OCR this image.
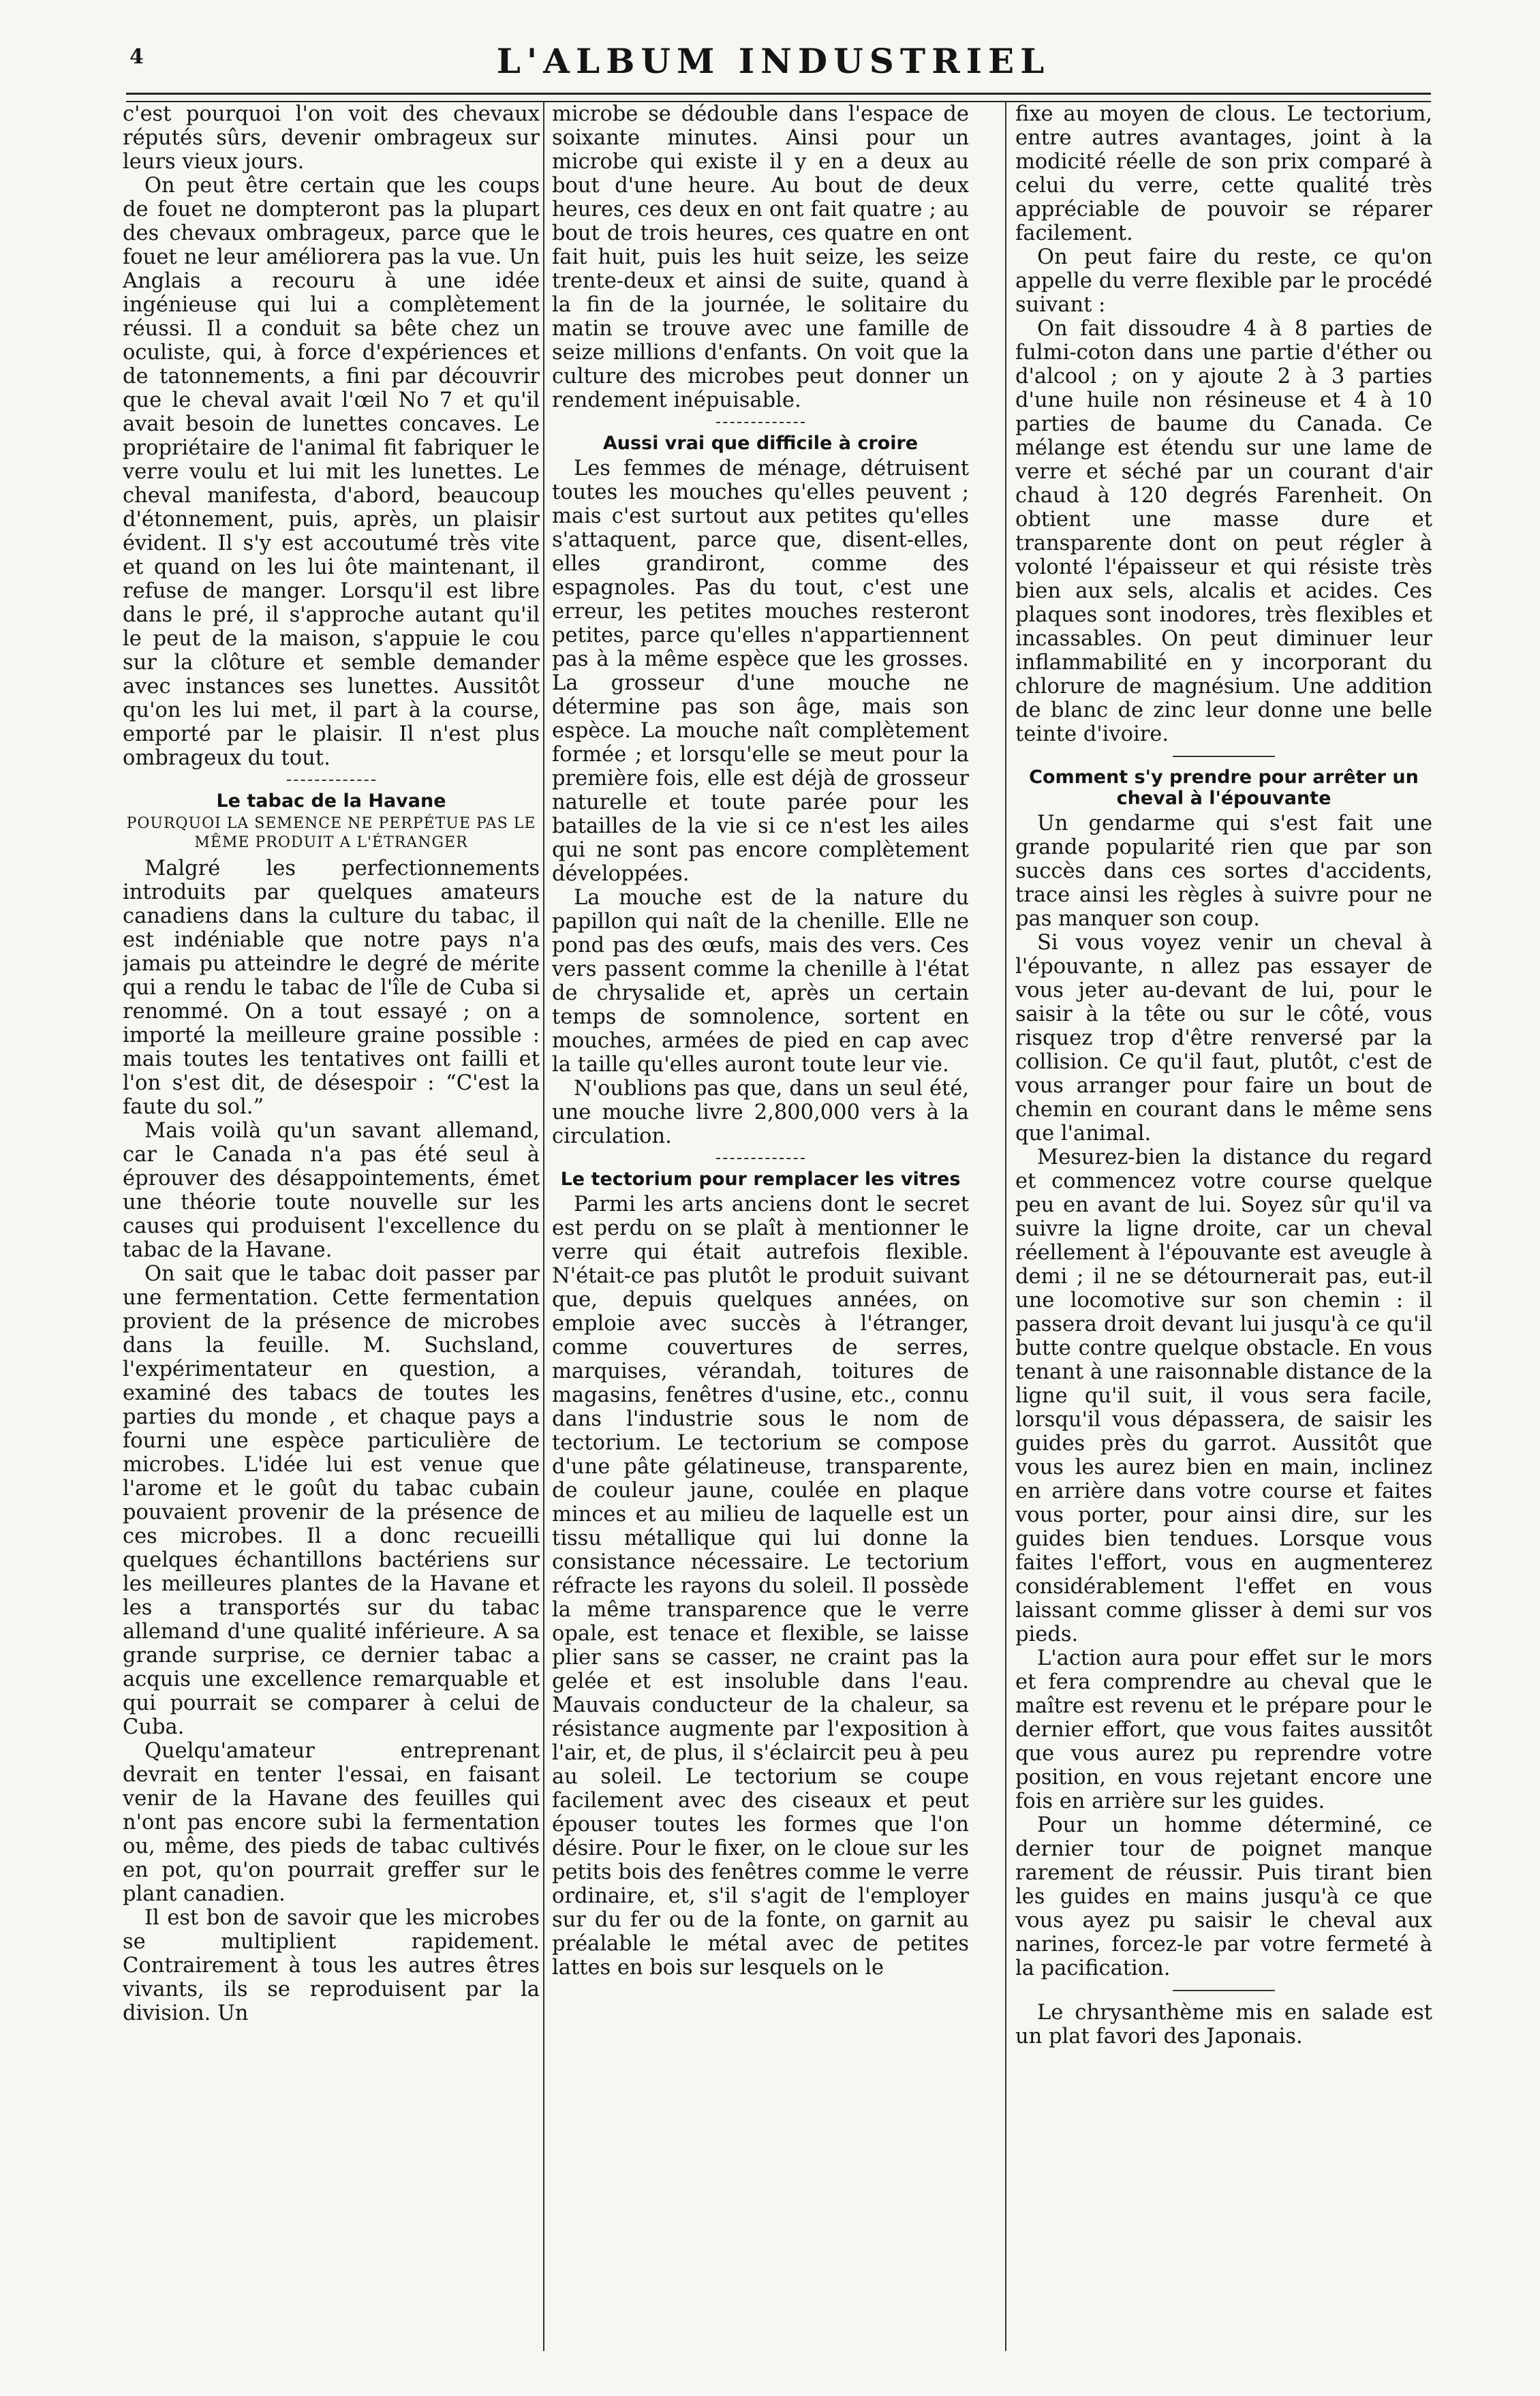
4	L'ALBUM INDUSTRIEL

c'est pourquoi l'on voit des chevaux réputés sûrs, devenir ombrageux sur leurs vieux jours.

On peut être certain que les coups de fouet ne dompteront pas la plupart des chevaux ombrageux, parce que le fouet ne leur améliorera pas la vue. Un Anglais a recouru à une idée ingénieuse qui lui a complètement réussi. Il a conduit sa bête chez un oculiste, qui, à force d'expériences et de tatonnements, a fini par découvrir que le cheval avait l'œil No 7 et qu'il avait besoin de lunettes concaves. Le propriétaire de l'animal fit fabriquer le verre voulu et lui mit les lunettes. Le cheval manifesta, d'abord, beaucoup d'étonnement, puis, après, un plaisir évident. Il s'y est accoutumé très vite et quand on les lui ôte maintenant, il refuse de manger. Lorsqu'il est libre dans le pré, il s'approche autant qu'il le peut de la maison, s'appuie le cou sur la clôture et semble demander avec instances ses lunettes. Aussitôt qu'on les lui met, il part à la course, emporté par le plaisir. Il n'est plus ombrageux du tout.

Le tabac de la Havane
POURQUOI LA SEMENCE NE PERPÉTUE PAS LE MÊME PRODUIT A L'ÉTRANGER

Malgré les perfectionnements introduits par quelques amateurs canadiens dans la culture du tabac, il est indéniable que notre pays n'a jamais pu atteindre le degré de mérite qui a rendu le tabac de l'île de Cuba si renommé. On a tout essayé ; on a importé la meilleure graine possible : mais toutes les tentatives ont failli et l'on s'est dit, de désespoir : “C'est la faute du sol.”

Mais voilà qu'un savant allemand, car le Canada n'a pas été seul à éprouver des désappointements, émet une théorie toute nouvelle sur les causes qui produisent l'excellence du tabac de la Havane.

On sait que le tabac doit passer par une fermentation. Cette fermentation provient de la présence de microbes dans la feuille. M. Suchsland, l'expérimentateur en question, a examiné des tabacs de toutes les parties du monde , et chaque pays a fourni une espèce particulière de microbes. L'idée lui est venue que l'arome et le goût du tabac cubain pouvaient provenir de la présence de ces microbes. Il a donc recueilli quelques échantillons bactériens sur les meilleures plantes de la Havane et les a transportés sur du tabac allemand d'une qualité inférieure. A sa grande surprise, ce dernier tabac a acquis une excellence remarquable et qui pourrait se comparer à celui de Cuba.

Quelqu'amateur entreprenant devrait en tenter l'essai, en faisant venir de la Havane des feuilles qui n'ont pas encore subi la fermentation ou, même, des pieds de tabac cultivés en pot, qu'on pourrait greffer sur le plant canadien.

Il est bon de savoir que les microbes se multiplient rapidement. Contrairement à tous les autres êtres vivants, ils se reproduisent par la division. Un

microbe se dédouble dans l'espace de soixante minutes. Ainsi pour un microbe qui existe il y en a deux au bout d'une heure. Au bout de deux heures, ces deux en ont fait quatre ; au bout de trois heures, ces quatre en ont fait huit, puis les huit seize, les seize trente-deux et ainsi de suite, quand à la fin de la journée, le solitaire du matin se trouve avec une famille de seize millions d'enfants. On voit que la culture des microbes peut donner un rendement inépuisable.

Aussi vrai que difficile à croire

Les femmes de ménage, détruisent toutes les mouches qu'elles peuvent ; mais c'est surtout aux petites qu'elles s'attaquent, parce que, disent-elles, elles grandiront, comme des espagnoles. Pas du tout, c'est une erreur, les petites mouches resteront petites, parce qu'elles n'appartiennent pas à la même espèce que les grosses. La grosseur d'une mouche ne détermine pas son âge, mais son espèce. La mouche naît complètement formée ; et lorsqu'elle se meut pour la première fois, elle est déjà de grosseur naturelle et toute parée pour les batailles de la vie si ce n'est les ailes qui ne sont pas encore complètement développées.

La mouche est de la nature du papillon qui naît de la chenille. Elle ne pond pas des œufs, mais des vers. Ces vers passent comme la chenille à l'état de chrysalide et, après un certain temps de somnolence, sortent en mouches, armées de pied en cap avec la taille qu'elles auront toute leur vie.

N'oublions pas que, dans un seul été, une mouche livre 2,800,000 vers à la circulation.

Le tectorium pour remplacer les vitres

Parmi les arts anciens dont le secret est perdu on se plaît à mentionner le verre qui était autrefois flexible. N'était-ce pas plutôt le produit suivant que, depuis quelques années, on emploie avec succès à l'étranger, comme couvertures de serres, marquises, vérandah, toitures de magasins, fenêtres d'usine, etc., connu dans l'industrie sous le nom de tectorium. Le tectorium se compose d'une pâte gélatineuse, transparente, de couleur jaune, coulée en plaque minces et au milieu de laquelle est un tissu métallique qui lui donne la consistance nécessaire. Le tectorium réfracte les rayons du soleil. Il possède la même transparence que le verre opale, est tenace et flexible, se laisse plier sans se casser, ne craint pas la gelée et est insoluble dans l'eau. Mauvais conducteur de la chaleur, sa résistance augmente par l'exposition à l'air, et, de plus, il s'éclaircit peu à peu au soleil. Le tectorium se coupe facilement avec des ciseaux et peut épouser toutes les formes que l'on désire. Pour le fixer, on le cloue sur les petits bois des fenêtres comme le verre ordinaire, et, s'il s'agit de l'employer sur du fer ou de la fonte, on garnit au préalable le métal avec de petites lattes en bois sur lesquels on le

fixe au moyen de clous. Le tectorium, entre autres avantages, joint à la modicité réelle de son prix comparé à celui du verre, cette qualité très appréciable de pouvoir se réparer facilement.

On peut faire du reste, ce qu'on appelle du verre flexible par le procédé suivant :

On fait dissoudre 4 à 8 parties de fulmi-coton dans une partie d'éther ou d'alcool ; on y ajoute 2 à 3 parties d'une huile non résineuse et 4 à 10 parties de baume du Canada. Ce mélange est étendu sur une lame de verre et séché par un courant d'air chaud à 120 degrés Farenheit. On obtient une masse dure et transparente dont on peut régler à volonté l'épaisseur et qui résiste très bien aux sels, alcalis et acides. Ces plaques sont inodores, très flexibles et incassables. On peut diminuer leur inflammabilité en y incorporant du chlorure de magnésium. Une addition de blanc de zinc leur donne une belle teinte d'ivoire.

Comment s'y prendre pour arrêter un cheval à l'épouvante

Un gendarme qui s'est fait une grande popularité rien que par son succès dans ces sortes d'accidents, trace ainsi les règles à suivre pour ne pas manquer son coup.

Si vous voyez venir un cheval à l'épouvante, n allez pas essayer de vous jeter au-devant de lui, pour le saisir à la tête ou sur le côté, vous risquez trop d'être renversé par la collision. Ce qu'il faut, plutôt, c'est de vous arranger pour faire un bout de chemin en courant dans le même sens que l'animal.

Mesurez-bien la distance du regard et commencez votre course quelque peu en avant de lui. Soyez sûr qu'il va suivre la ligne droite, car un cheval réellement à l'épouvante est aveugle à demi ; il ne se détournerait pas, eut-il une locomotive sur son chemin : il passera droit devant lui jusqu'à ce qu'il butte contre quelque obstacle. En vous tenant à une raisonnable distance de la ligne qu'il suit, il vous sera facile, lorsqu'il vous dépassera, de saisir les guides près du garrot. Aussitôt que vous les aurez bien en main, inclinez en arrière dans votre course et faites vous porter, pour ainsi dire, sur les guides bien tendues. Lorsque vous faites l'effort, vous en augmenterez considérablement l'effet en vous laissant comme glisser à demi sur vos pieds.

L'action aura pour effet sur le mors et fera comprendre au cheval que le maître est revenu et le prépare pour le dernier effort, que vous faites aussitôt que vous aurez pu reprendre votre position, en vous rejetant encore une fois en arrière sur les guides.

Pour un homme déterminé, ce dernier tour de poignet manque rarement de réussir. Puis tirant bien les guides en mains jusqu'à ce que vous ayez pu saisir le cheval aux narines, forcez-le par votre fermeté à la pacification.

Le chrysanthème mis en salade est un plat favori des Japonais.
